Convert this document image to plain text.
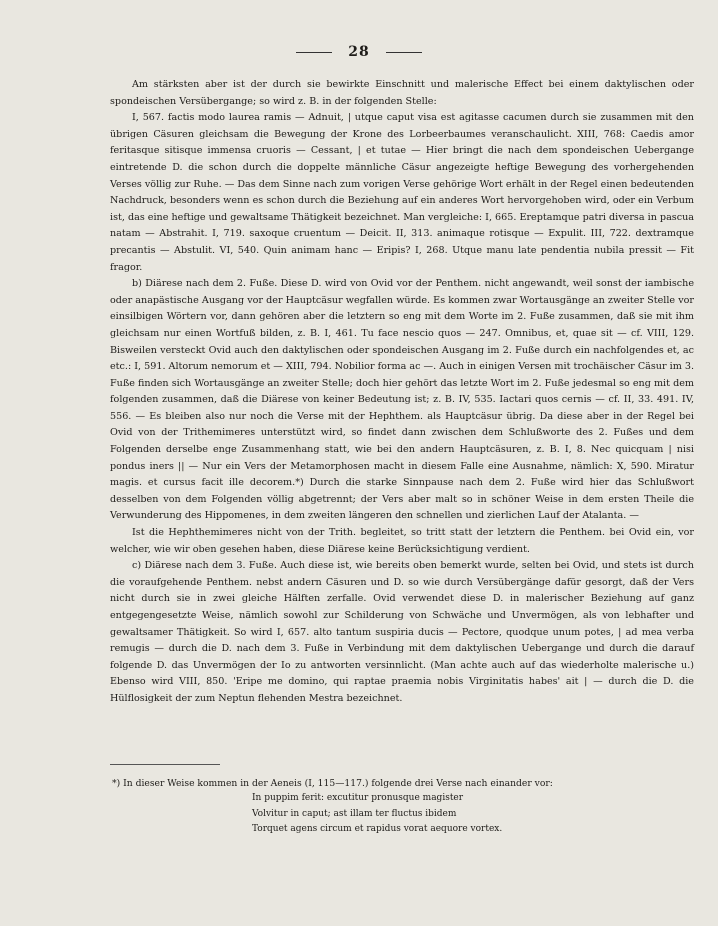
28

Am stärksten aber ist der durch sie bewirkte Einschnitt und malerische Effect bei einem daktylischen oder spondeischen Versübergange; so wird z. B. in der folgenden Stelle:

I, 567. factis modo laurea ramis — Adnuit, | utque caput visa est agitasse cacumen durch sie zusammen mit den übrigen Cäsuren gleichsam die Bewegung der Krone des Lorbeerbaumes veranschaulicht. XIII, 768: Caedis amor feritasque sitisque immensa cruoris — Cessant, | et tutae — Hier bringt die nach dem spondeischen Uebergange eintretende D. die schon durch die doppelte männliche Cäsur angezeigte heftige Bewegung des vorhergehenden Verses völlig zur Ruhe. — Das dem Sinne nach zum vorigen Verse gehörige Wort erhält in der Regel einen bedeutenden Nachdruck, besonders wenn es schon durch die Beziehung auf ein anderes Wort hervorgehoben wird, oder ein Verbum ist, das eine heftige und gewaltsame Thätigkeit bezeichnet. Man vergleiche: I, 665. Ereptamque patri diversa in pascua natam — Abstrahit. I, 719. saxoque cruentum — Deicit. II, 313. animaque rotisque — Expulit. III, 722. dextramque precantis — Abstulit. VI, 540. Quin animam hanc — Eripis? I, 268. Utque manu late pendentia nubila pressit — Fit fragor.

b) Diärese nach dem 2. Fuße. Diese D. wird von Ovid vor der Penthem. nicht angewandt, weil sonst der iambische oder anapästische Ausgang vor der Hauptcäsur wegfallen würde. Es kommen zwar Wortausgänge an zweiter Stelle vor einsilbigen Wörtern vor, dann gehören aber die letztern so eng mit dem Worte im 2. Fuße zusammen, daß sie mit ihm gleichsam nur einen Wortfuß bilden, z. B. I, 461. Tu face nescio quos — 247. Omnibus, et, quae sit — cf. VIII, 129. Bisweilen versteckt Ovid auch den daktylischen oder spondeischen Ausgang im 2. Fuße durch ein nachfolgendes et, ac etc.: I, 591. Altorum nemorum et — XIII, 794. Nobilior forma ac —. Auch in einigen Versen mit trochäischer Cäsur im 3. Fuße finden sich Wortausgänge an zweiter Stelle; doch hier gehört das letzte Wort im 2. Fuße jedesmal so eng mit dem folgenden zusammen, daß die Diärese von keiner Bedeutung ist; z. B. IV, 535. Iactari quos cernis — cf. II, 33. 491. IV, 556. — Es bleiben also nur noch die Verse mit der Hephthem. als Hauptcäsur übrig. Da diese aber in der Regel bei Ovid von der Trithemimeres unterstützt wird, so findet dann zwischen dem Schlußworte des 2. Fußes und dem Folgenden derselbe enge Zusammenhang statt, wie bei den andern Hauptcäsuren, z. B. I, 8. Nec quicquam | nisi pondus iners || — Nur ein Vers der Metamorphosen macht in diesem Falle eine Ausnahme, nämlich: X, 590. Miratur magis. et cursus facit ille decorem.*) Durch die starke Sinnpause nach dem 2. Fuße wird hier das Schlußwort desselben von dem Folgenden völlig abgetrennt; der Vers aber malt so in schöner Weise in dem ersten Theile die Verwunderung des Hippomenes, in dem zweiten längeren den schnellen und zierlichen Lauf der Atalanta. —

Ist die Hephthemimeres nicht von der Trith. begleitet, so tritt statt der letztern die Penthem. bei Ovid ein, vor welcher, wie wir oben gesehen haben, diese Diärese keine Berücksichtigung verdient.

c) Diärese nach dem 3. Fuße. Auch diese ist, wie bereits oben bemerkt wurde, selten bei Ovid, und stets ist durch die voraufgehende Penthem. nebst andern Cäsuren und D. so wie durch Versübergänge dafür gesorgt, daß der Vers nicht durch sie in zwei gleiche Hälften zerfalle. Ovid verwendet diese D. in malerischer Beziehung auf ganz entgegengesetzte Weise, nämlich sowohl zur Schilderung von Schwäche und Unvermögen, als von lebhafter und gewaltsamer Thätigkeit. So wird I, 657. alto tantum suspiria ducis — Pectore, quodque unum potes, | ad mea verba remugis — durch die D. nach dem 3. Fuße in Verbindung mit dem daktylischen Uebergange und durch die darauf folgende D. das Unvermögen der Io zu antworten versinnlicht. (Man achte auch auf das wiederholte malerische u.) Ebenso wird VIII, 850. 'Eripe me domino, qui raptae praemia nobis Virginitatis habes' ait | — durch die D. die Hülflosigkeit der zum Neptun flehenden Mestra bezeichnet.

*) In dieser Weise kommen in der Aeneis (I, 115—117.) folgende drei Verse nach einander vor:
In puppim ferit: excutitur pronusque magister
Volvitur in caput; ast illam ter fluctus ibidem
Torquet agens circum et rapidus vorat aequore vortex.
